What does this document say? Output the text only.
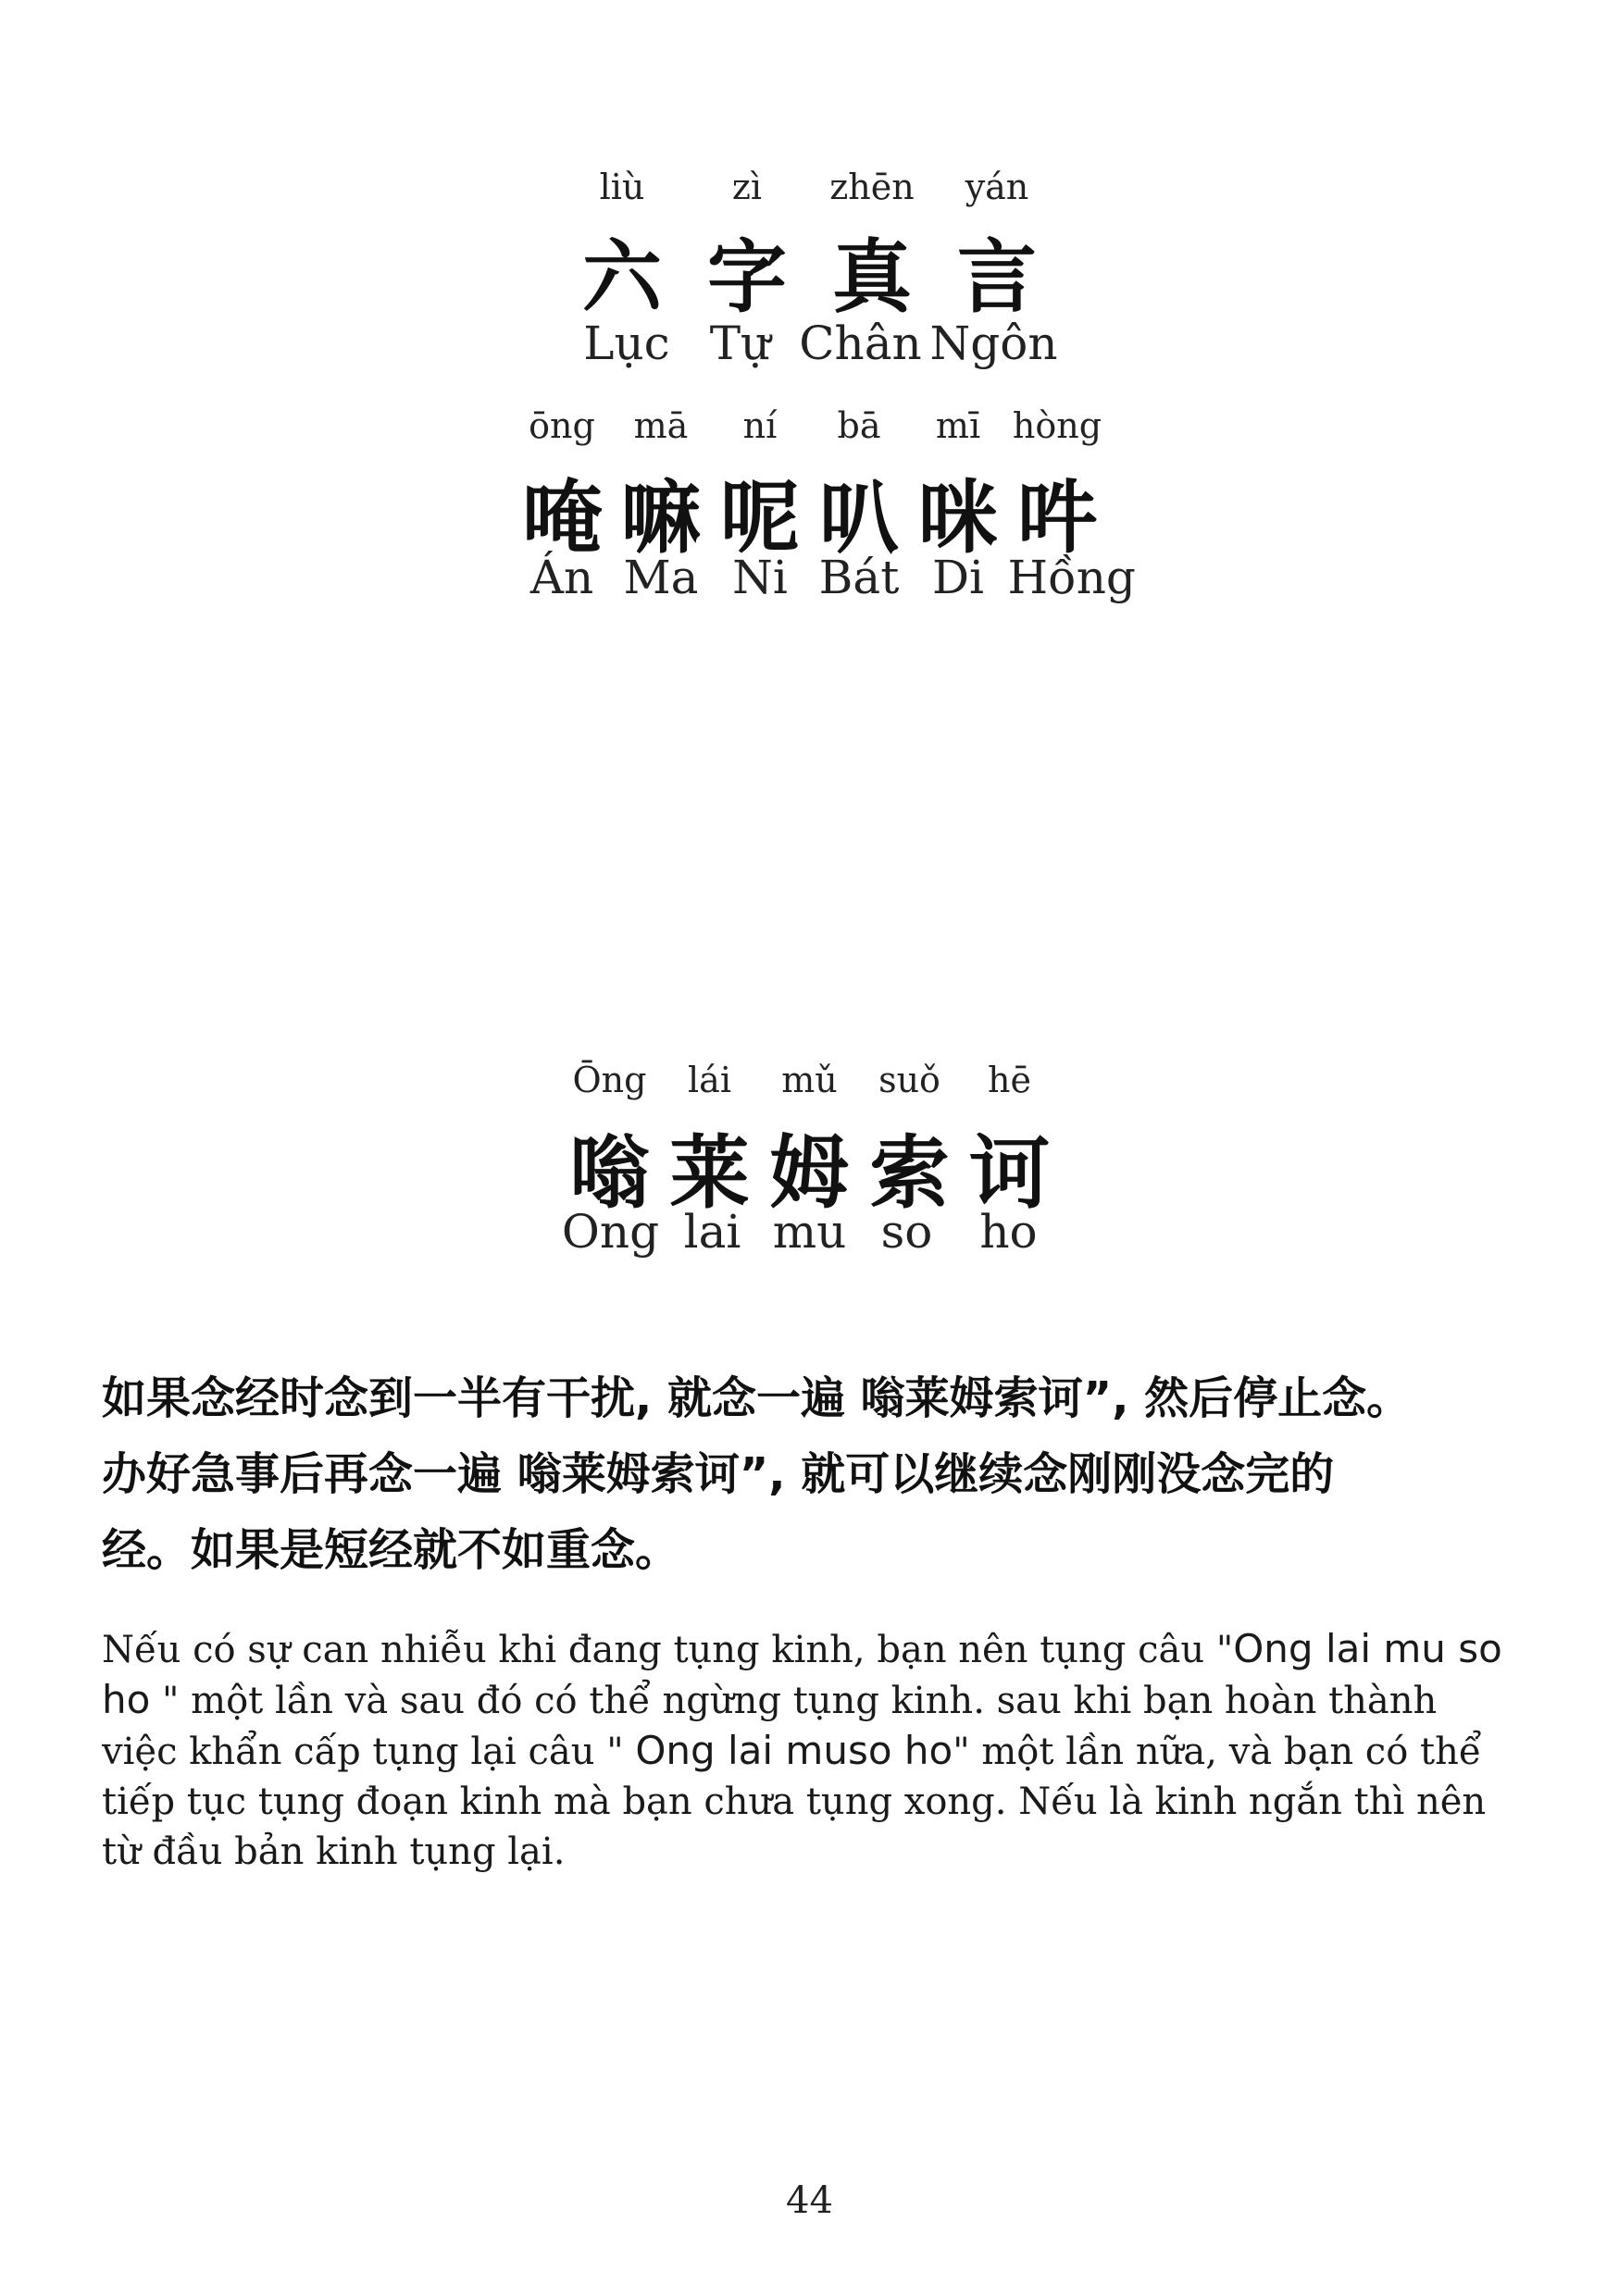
liù	zì	zhēn	yán
六 字 真 言
Lục Tự Chân Ngôn
ōng	mā	ní	bā	mī hòng
唵 嘛 呢 叭 咪 吽
Án Ma Ni Bát Di Hồng
Ōng	lái	mǔ	suǒ	hē
嗡 莱 姆 索 诃
Ong lai mu so	ho
如果念经时念到一半有干扰, 就念一遍 嗡莱姆索诃”, 然后停止念。
办好急事后再念一遍 嗡莱姆索诃”, 就可以继续念刚刚没念完的
经。如果是短经就不如重念。
Nếu có sự can nhiễu khi đang tụng kinh, bạn nên tụng câu "Ong lai mu so ho " một lần và sau đó có thể ngừng tụng kinh. sau khi bạn hoàn thành việc khẩn cấp tụng lại câu " Ong lai muso ho" một lần nữa, và bạn có thể tiếp tục tụng đoạn kinh mà bạn chưa tụng xong. Nếu là kinh ngắn thì nên từ đầu bản kinh tụng lại.
44
